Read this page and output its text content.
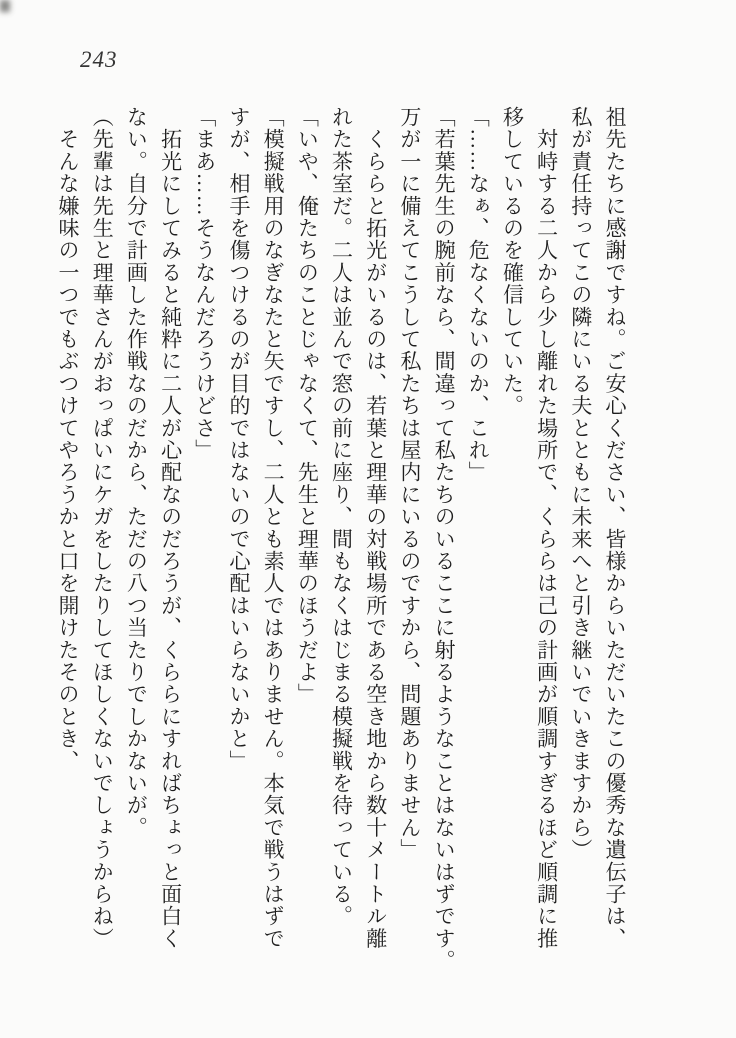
243
祖先たちに感謝ですね。ご安心ください、皆様からいただいたこの優秀な遺伝子は、
私が責任持ってこの隣にいる夫とともに未来へと引き継いでいきますから）
　対峙する二人から少し離れた場所で、くららは己の計画が順調すぎるほど順調に推
移しているのを確信していた。
「……なぁ、危なくないのか、これ」
「若葉先生の腕前なら、間違って私たちのいるここに射るようなことはないはずです。
万が一に備えてこうして私たちは屋内にいるのですから、問題ありません」
　くららと拓光がいるのは、若葉と理華の対戦場所である空き地から数十メートル離
れた茶室だ。二人は並んで窓の前に座り、間もなくはじまる模擬戦を待っている。
「いや、俺たちのことじゃなくて、先生と理華のほうだよ」
「模擬戦用のなぎなたと矢ですし、二人とも素人ではありません。本気で戦うはずで
すが、相手を傷つけるのが目的ではないので心配はいらないかと」
「まあ……そうなんだろうけどさ」
　拓光にしてみると純粋に二人が心配なのだろうが、くららにすればちょっと面白く
ない。自分で計画した作戦なのだから、ただの八つ当たりでしかないが。
（先輩は先生と理華さんがおっぱいにケガをしたりしてほしくないでしょうからね）
　そんな嫌味の一つでもぶつけてやろうかと口を開けたそのとき、
